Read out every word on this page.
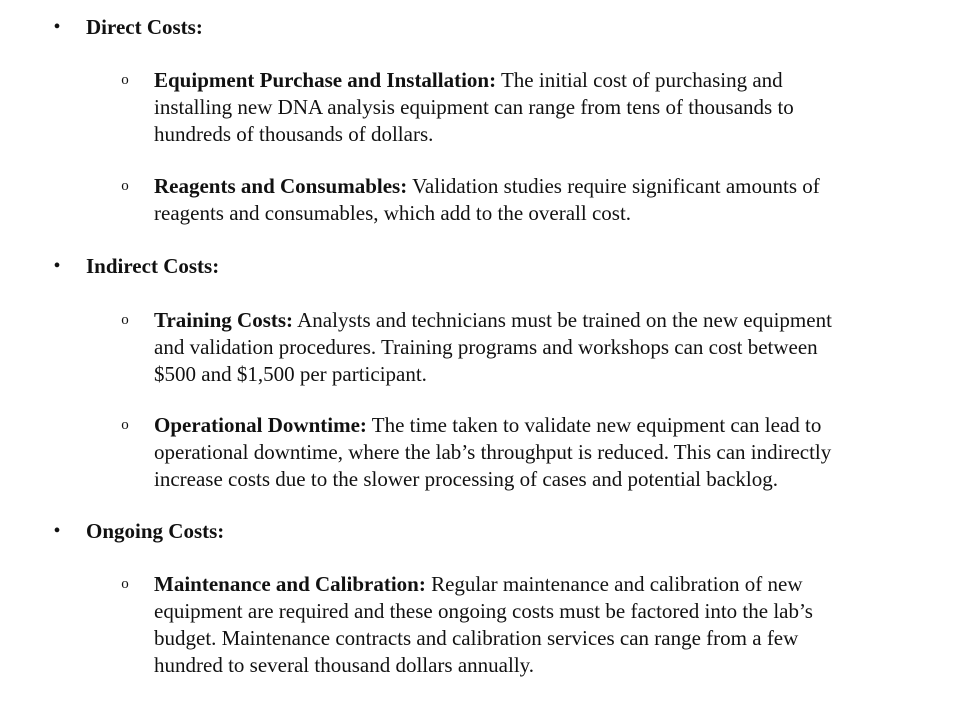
• Direct Costs:
o Equipment Purchase and Installation: The initial cost of purchasing and
installing new DNA analysis equipment can range from tens of thousands to
hundreds of thousands of dollars.
o Reagents and Consumables: Validation studies require significant amounts of
reagents and consumables, which add to the overall cost.
• Indirect Costs:
o Training Costs: Analysts and technicians must be trained on the new equipment
and validation procedures. Training programs and workshops can cost between
$500 and $1,500 per participant.
o Operational Downtime: The time taken to validate new equipment can lead to
operational downtime, where the lab’s throughput is reduced. This can indirectly
increase costs due to the slower processing of cases and potential backlog.
• Ongoing Costs:
o Maintenance and Calibration: Regular maintenance and calibration of new
equipment are required and these ongoing costs must be factored into the lab’s
budget. Maintenance contracts and calibration services can range from a few
hundred to several thousand dollars annually.
